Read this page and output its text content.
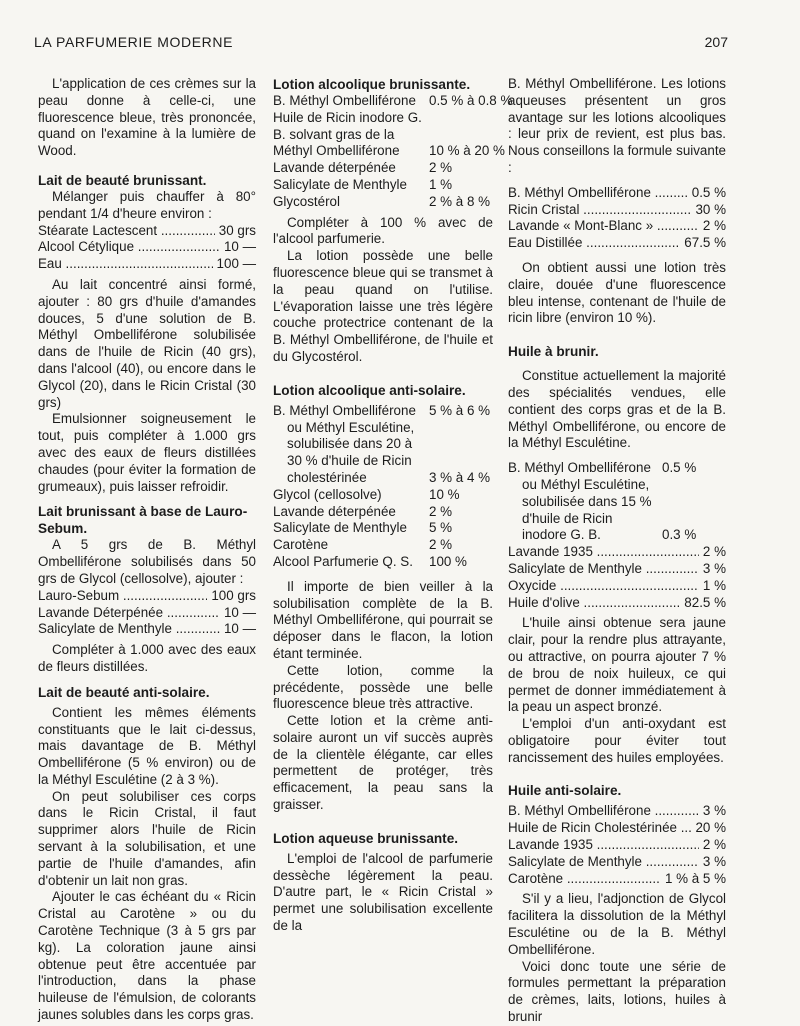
LA PARFUMERIE MODERNE	207

L'application de ces crèmes sur la peau donne à celle-ci, une fluorescence bleue, très prononcée, quand on l'examine à la lumière de Wood.

Lait de beauté brunissant.

Mélanger puis chauffer à 80° pendant 1/4 d'heure environ :

Stéarate Lactescent .....	30 grs
Alcool Cétylique .....	10 —
Eau .....	100 —

Au lait concentré ainsi formé, ajouter : 80 grs d'huile d'amandes douces, 5 d'une solution de B. Méthyl Ombelliférone solubilisée dans de l'huile de Ricin (40 grs), dans l'alcool (40), ou encore dans le Glycol (20), dans le Ricin Cristal (30 grs)

Emulsionner soigneusement le tout, puis compléter à 1.000 grs avec des eaux de fleurs distillées chaudes (pour éviter la formation de grumeaux), puis laisser refroidir.

Lait brunissant à base de Lauro-Sebum.

A 5 grs de B. Méthyl Ombelliférone solubilisés dans 50 grs de Glycol (cellosolve), ajouter :

Lauro-Sebum .....	100 grs
Lavande Déterpénée .....	10 —
Salicylate de Menthyle .....	10 —

Compléter à 1.000 avec des eaux de fleurs distillées.

Lait de beauté anti-solaire.

Contient les mêmes éléments constituants que le lait ci-dessus, mais davantage de B. Méthyl Ombelliférone (5 % environ) ou de la Méthyl Esculétine (2 à 3 %).

On peut solubiliser ces corps dans le Ricin Cristal, il faut supprimer alors l'huile de Ricin servant à la solubilisation, et une partie de l'huile d'amandes, afin d'obtenir un lait non gras.

Ajouter le cas échéant du « Ricin Cristal au Carotène » ou du Carotène Technique (3 à 5 grs par kg). La coloration jaune ainsi obtenue peut être accentuée par l'introduction, dans la phase huileuse de l'émulsion, de colorants jaunes solubles dans les corps gras.

Lotion alcoolique brunissante.
B. Méthyl Ombelliférone 0.5 % à 0.8 %
Huile de Ricin inodore G. B. solvant gras de la Méthyl Ombelliférone	10 % à 20 %
Lavande déterpénée	2 %
Salicylate de Menthyle	1 %
Glycostérol	2 % à 8 %

Compléter à 100 % avec de l'alcool parfumerie.

La lotion possède une belle fluorescence bleue qui se transmet à la peau quand on l'utilise. L'évaporation laisse une très légère couche protectrice contenant de la B. Méthyl Ombelliférone, de l'huile et du Glycostérol.

Lotion alcoolique anti-solaire.
B. Méthyl Ombelliférone 5 % à 6 %
ou Méthyl Esculétine, solubilisée dans 20 à 30 % d'huile de Ricin cholestérinée	3 % à 4 %
Glycol (cellosolve)	10 %
Lavande déterpénée	2 %
Salicylate de Menthyle	5 %
Carotène	2 %
Alcool Parfumerie Q. S.	100 %

Il importe de bien veiller à la solubilisation complète de la B. Méthyl Ombelliférone, qui pourrait se déposer dans le flacon, la lotion étant terminée.

Cette lotion, comme la précédente, possède une belle fluorescence bleue très attractive.

Cette lotion et la crème anti-solaire auront un vif succès auprès de la clientèle élégante, car elles permettent de protéger, très efficacement, la peau sans la graisser.

Lotion aqueuse brunissante.

L'emploi de l'alcool de parfumerie dessèche légèrement la peau. D'autre part, le « Ricin Cristal » permet une solubilisation excellente de la

B. Méthyl Ombelliférone. Les lotions aqueuses présentent un gros avantage sur les lotions alcooliques : leur prix de revient, est plus bas. Nous conseillons la formule suivante :

B. Méthyl Ombelliférone .....	0.5 %
Ricin Cristal .....	30 %
Lavande « Mont-Blanc » .....	2 %
Eau Distillée .....	67.5 %

On obtient aussi une lotion très claire, douée d'une fluorescence bleu intense, contenant de l'huile de ricin libre (environ 10 %).

Huile à brunir.

Constitue actuellement la majorité des spécialités vendues, elle contient des corps gras et de la B. Méthyl Ombelliférone, ou encore de la Méthyl Esculétine.

B. Méthyl Ombelliférone 0.5 %
ou Méthyl Esculétine, solubilisée dans 15 % d'huile de Ricin inodore G. B.	0.3 %
Lavande 1935 .....	2 %
Salicylate de Menthyle .....	3 %
Oxycide .....	1 %
Huile d'olive .....	82.5 %

L'huile ainsi obtenue sera jaune clair, pour la rendre plus attrayante, ou attractive, on pourra ajouter 7 % de brou de noix huileux, ce qui permet de donner immédiatement à la peau un aspect bronzé.

L'emploi d'un anti-oxydant est obligatoire pour éviter tout rancissement des huiles employées.

Huile anti-solaire.
B. Méthyl Ombelliférone .....	3 %
Huile de Ricin Cholestérinée .....	20 %
Lavande 1935 .....	2 %
Salicylate de Menthyle .....	3 %
Carotène .....	1 % à 5 %

S'il y a lieu, l'adjonction de Glycol facilitera la dissolution de la Méthyl Esculétine ou de la B. Méthyl Ombelliférone.

Voici donc toute une série de formules permettant la préparation de crèmes, laits, lotions, huiles à brunir
